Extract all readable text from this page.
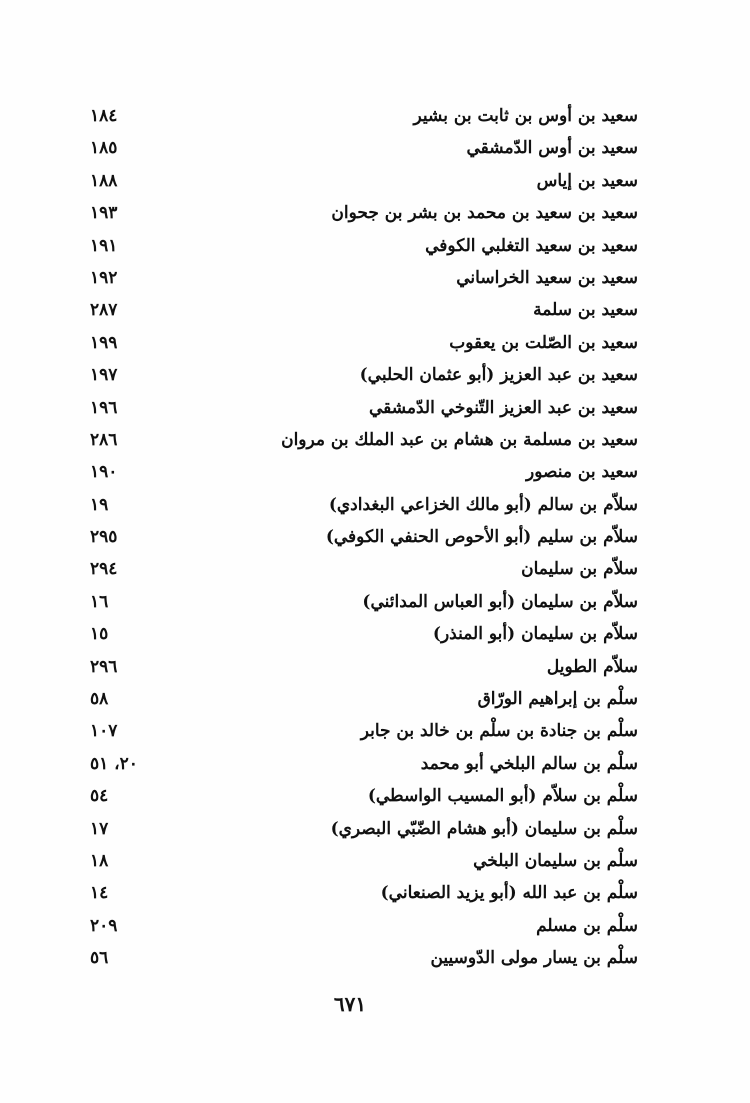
سعيد بن أوس بن ثابت بن بشير
١٨٤
سعيد بن أوس الدّمشقي
١٨٥
سعيد بن إياس
١٨٨
سعيد بن سعيد بن محمد بن بشر بن جحوان
١٩٣
سعيد بن سعيد التغلبي الكوفي
١٩١
سعيد بن سعيد الخراساني
١٩٢
سعيد بن سلمة
٢٨٧
سعيد بن الصّلت بن يعقوب
١٩٩
سعيد بن عبد العزيز (أبو عثمان الحلبي)
١٩٧
سعيد بن عبد العزيز التّنوخي الدّمشقي
١٩٦
سعيد بن مسلمة بن هشام بن عبد الملك بن مروان
٢٨٦
سعيد بن منصور
١٩٠
سلاّم بن سالم (أبو مالك الخزاعي البغدادي)
١٩
سلاّم بن سليم (أبو الأحوص الحنفي الكوفي)
٢٩٥
سلاّم بن سليمان
٢٩٤
سلاّم بن سليمان (أبو العباس المدائني)
١٦
سلاّم بن سليمان (أبو المنذر)
١٥
سلاّم الطويل
٢٩٦
سلْم بن إبراهيم الورّاق
٥٨
سلْم بن جنادة بن سلْم بن خالد بن جابر
١٠٧
سلْم بن سالم البلخي أبو محمد
٢٠، ٥١
سلْم بن سلاّم (أبو المسيب الواسطي)
٥٤
سلْم بن سليمان (أبو هشام الضّبّي البصري)
١٧
سلْم بن سليمان البلخي
١٨
سلْم بن عبد الله (أبو يزيد الصنعاني)
١٤
سلْم بن مسلم
٢٠٩
سلْم بن يسار مولى الدّوسيين
٥٦
٦٧١
